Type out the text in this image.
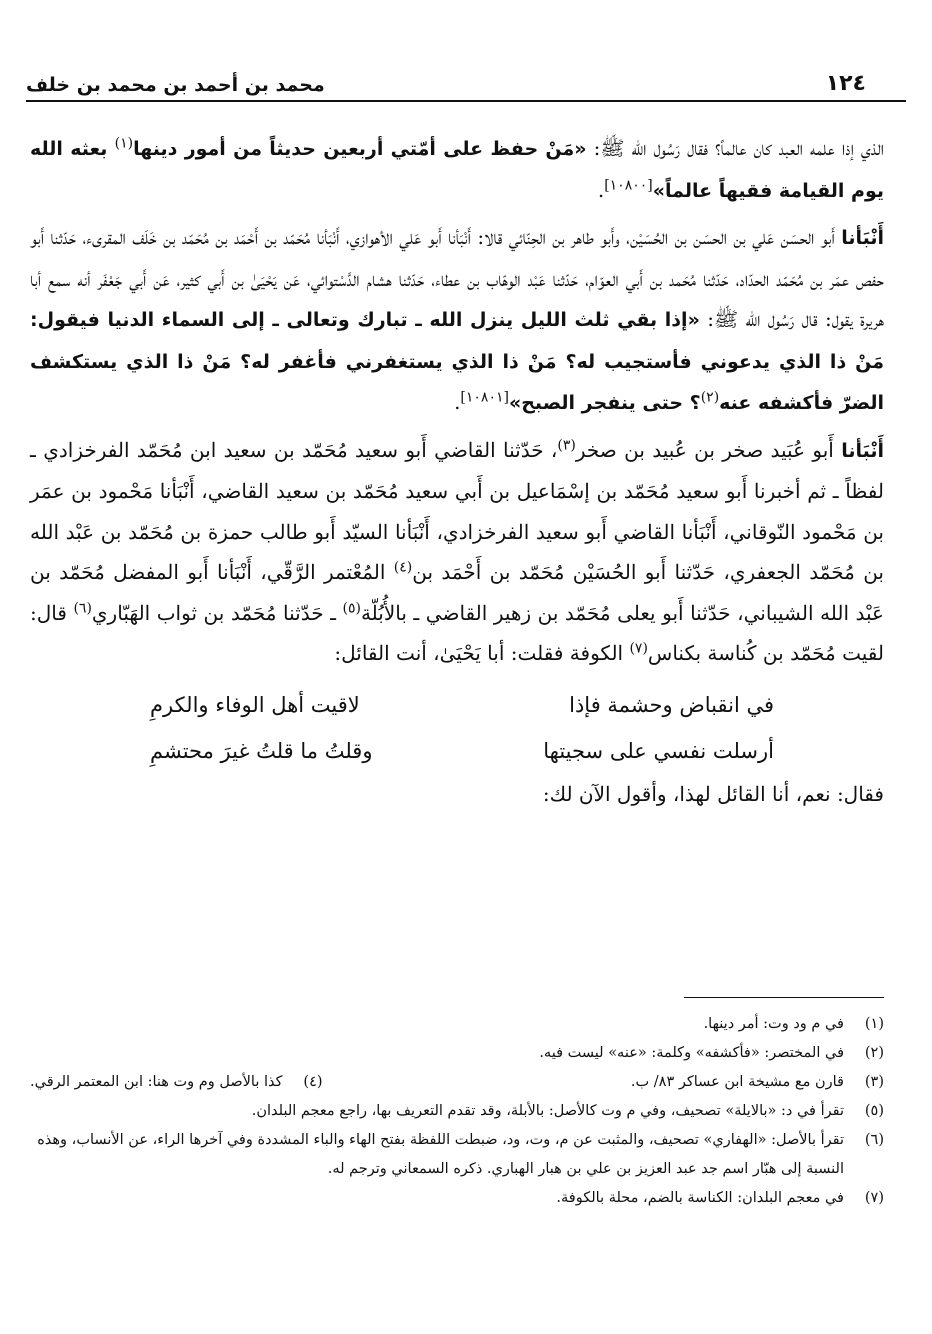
١٢٤
محمد بن أحمد بن محمد بن خلف

الذي إذا علمه العبد كان عالماً؟ فقال رَسُول الله ﷺ: «مَنْ حفظ على أمّتي أربعين حديثاً من أمور دينها$^{(١)}$ بعثه الله يوم القيامة فقيهاً عالماً»[١٠٨٠٠].

أَنْبَأنا أَبو الحسَن عَلي بن الحسَن بن الحُسَيْن، وأَبو طاهر بن الحِنّائي قالا: أَنْبَأنا أَبو عَلي الأهوازي، أَنْبَأنا مُحَمّد بن أَحْمَد بن مُحَمّد بن خَلَف المقرىء، حَدّثنا أَبو حفص عمَر بن مُحَمّد الحدّاد، حَدّثنا مُحَمد بن أَبي العوّام، حَدّثنا عَبْد الوهّاب بن عطاء، حَدّثنا هشام الدَّسْتوائي، عَن يَحْيَىٰ بن أَبي كثير، عَن أَبي جَعْفَر أنه سمع أبا هريرة يقول: قال رَسُول الله ﷺ: «إذا بقي ثلث الليل ينزل الله ـ تبارك وتعالى ـ إلى السماء الدنيا فيقول: مَنْ ذا الذي يدعوني فأستجيب له؟ مَنْ ذا الذي يستغفرني فأغفر له؟ مَنْ ذا الذي يستكشف الضرّ فأكشفه عنه$^{(٢)}$؟ حتى ينفجر الصبح»[١٠٨٠١].

أَنْبَأنا أَبو عُبَيد صخر بن عُبيد بن صخر$^{(٣)}$، حَدّثنا القاضي أَبو سعيد مُحَمّد بن سعيد ابن مُحَمّد الفرخزادي ـ لفظاً ـ ثم أخبرنا أَبو سعيد مُحَمّد بن إسْمَاعيل بن أَبي سعيد مُحَمّد بن سعيد القاضي، أَنْبَأنا مَحْمود بن عمَر بن مَحْمود النّوقاني، أَنْبَأنا القاضي أَبو سعيد الفرخزادي، أَنْبَأنا السيّد أَبو طالب حمزة بن مُحَمّد بن عَبْد الله بن مُحَمّد الجعفري، حَدّثنا أَبو الحُسَيْن مُحَمّد بن أَحْمَد بن$^{(٤)}$ المُعْتمر الرَّقّي، أَنْبَأنا أَبو المفضل مُحَمّد بن عَبْد الله الشيباني، حَدّثنا أَبو يعلى مُحَمّد بن زهير القاضي ـ بالأُبُلّة$^{(٥)}$ ـ حَدّثنا مُحَمّد بن ثواب الهَبّاري$^{(٦)}$ قال: لقيت مُحَمّد بن كُناسة بكناس$^{(٧)}$ الكوفة فقلت: أبا يَحْيَىٰ، أنت القائل:

في انقباض وحشمة فإذا
لاقيت أهل الوفاء والكرمِ
أرسلت نفسي على سجيتها
وقلتُ ما قلتُ غيرَ محتشمِ

فقال: نعم، أنا القائل لهذا، وأقول الآن لك:

(١)
في م ود وت: أمر دينها.
(٢)
في المختصر: «فأكشفه» وكلمة: «عنه» ليست فيه.
(٣)
قارن مع مشيخة ابن عساكر ٨٣/ ب.
(٤)
كذا بالأصل وم وت هنا: ابن المعتمر الرقي.
(٥)
تقرأ في د: «بالايلة» تصحيف، وفي م وت كالأصل: بالأبلة، وقد تقدم التعريف بها، راجع معجم البلدان.
(٦)
تقرأ بالأصل: «الهفاري» تصحيف، والمثبت عن م، وت، ود، ضبطت اللفظة بفتح الهاء والباء المشددة وفي آخرها الراء، عن الأنساب، وهذه النسبة إلى هبّار اسم جد عبد العزيز بن علي بن هبار الهباري. ذكره السمعاني وترجم له.
(٧)
في معجم البلدان: الكناسة بالضم، محلة بالكوفة.
